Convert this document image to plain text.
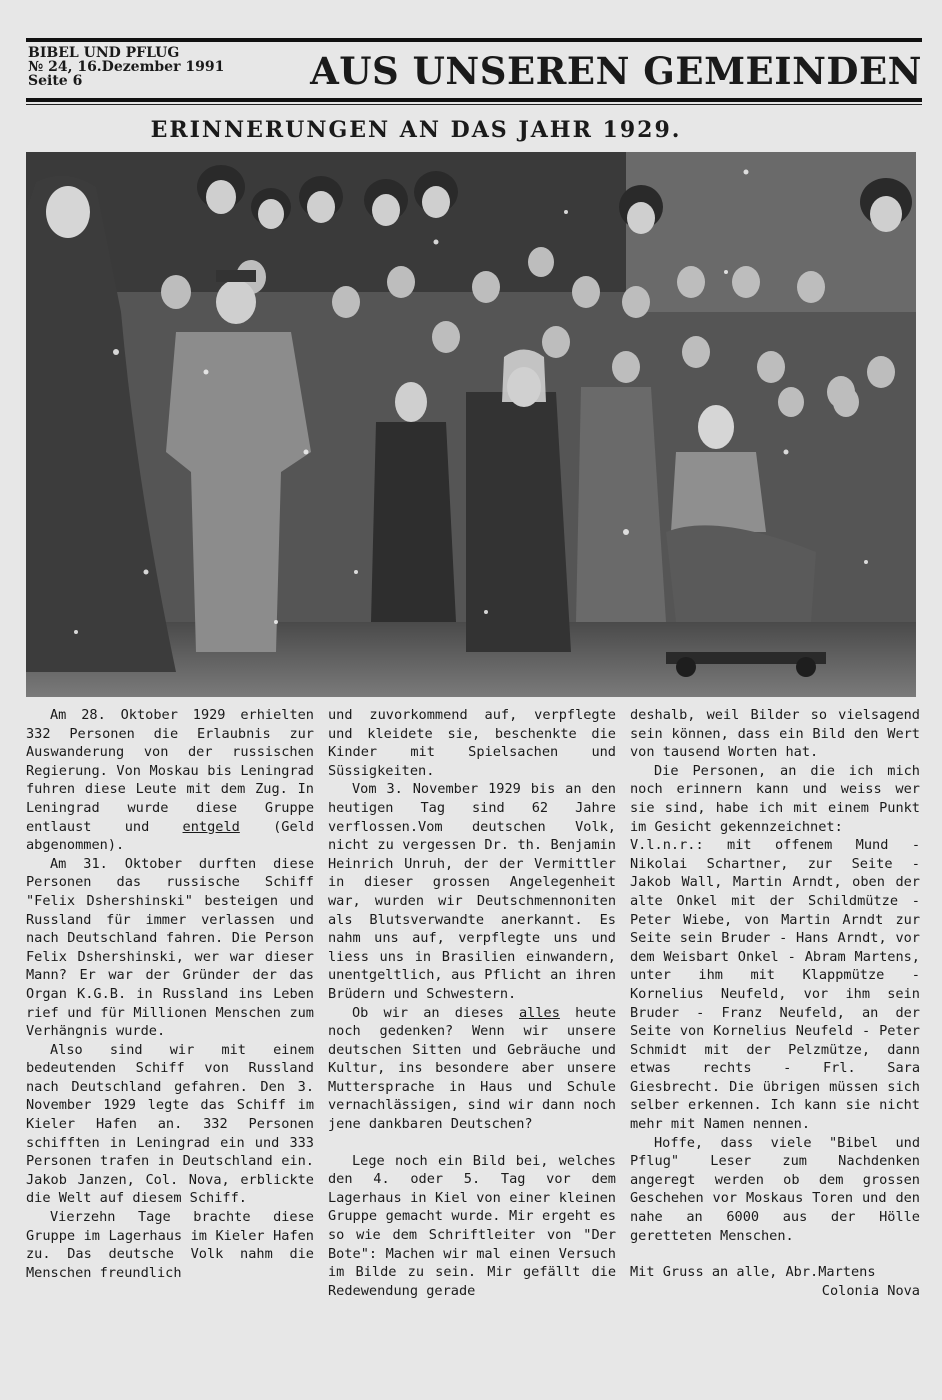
BIBEL UND PFLUG
№ 24, 16.Dezember 1991
Seite 6	AUS UNSEREN GEMEINDEN
ERINNERUNGEN AN DAS JAHR 1929.

Am 28. Oktober 1929 erhielten 332 Personen die Erlaubnis zur Auswanderung von der russischen Regierung. Von Moskau bis Leningrad fuhren diese Leute mit dem Zug. In Leningrad wurde diese Gruppe entlaust und entgeld (Geld abgenommen).

Am 31. Oktober durften diese Personen das russische Schiff "Felix Dshershinski" besteigen und Russland für immer verlassen und nach Deutschland fahren. Die Person Felix Dshershinski, wer war dieser Mann? Er war der Gründer der das Organ K.G.B. in Russland ins Leben rief und für Millionen Menschen zum Verhängnis wurde.

Also sind wir mit einem bedeutenden Schiff von Russland nach Deutschland gefahren. Den 3. November 1929 legte das Schiff im Kieler Hafen an. 332 Personen schifften in Leningrad ein und 333 Personen trafen in Deutschland ein. Jakob Janzen, Col. Nova, erblickte die Welt auf diesem Schiff.

Vierzehn Tage brachte diese Gruppe im Lagerhaus im Kieler Hafen zu. Das deutsche Volk nahm die Menschen freundlich

und zuvorkommend auf, verpflegte und kleidete sie, beschenkte die Kinder mit Spielsachen und Süssigkeiten.

Vom 3. November 1929 bis an den heutigen Tag sind 62 Jahre verflossen.Vom deutschen Volk, nicht zu vergessen Dr. th. Benjamin Heinrich Unruh, der der Vermittler in dieser grossen Angelegenheit war, wurden wir Deutschmennoniten als Blutsverwandte anerkannt. Es nahm uns auf, verpflegte uns und liess uns in Brasilien einwandern, unentgeltlich, aus Pflicht an ihren Brüdern und Schwestern.

Ob wir an dieses alles heute noch gedenken? Wenn wir unsere deutschen Sitten und Gebräuche und Kultur, ins besondere aber unsere Muttersprache in Haus und Schule vernachlässigen, sind wir dann noch jene dankbaren Deutschen?

Lege noch ein Bild bei, welches den 4. oder 5. Tag vor dem Lagerhaus in Kiel von einer kleinen Gruppe gemacht wurde. Mir ergeht es so wie dem Schriftleiter von "Der Bote": Machen wir mal einen Versuch im Bilde zu sein. Mir gefällt die Redewendung gerade

deshalb, weil Bilder so vielsagend sein können, dass ein Bild den Wert von tausend Worten hat.

Die Personen, an die ich mich noch erinnern kann und weiss wer sie sind, habe ich mit einem Punkt im Gesicht gekennzeichnet:

V.l.n.r.: mit offenem Mund - Nikolai Schartner, zur Seite - Jakob Wall, Martin Arndt, oben der alte Onkel mit der Schildmütze - Peter Wiebe, von Martin Arndt zur Seite sein Bruder - Hans Arndt, vor dem Weisbart Onkel - Abram Martens, unter ihm mit Klappmütze - Kornelius Neufeld, vor ihm sein Bruder - Franz Neufeld, an der Seite von Kornelius Neufeld - Peter Schmidt mit der Pelzmütze, dann etwas rechts - Frl. Sara Giesbrecht. Die übrigen müssen sich selber erkennen. Ich kann sie nicht mehr mit Namen nennen.

Hoffe, dass viele "Bibel und Pflug" Leser zum Nachdenken angeregt werden ob dem grossen Geschehen vor Moskaus Toren und den nahe an 6000 aus der Hölle geretteten Menschen.

Mit Gruss an alle, Abr.Martens

Colonia Nova
